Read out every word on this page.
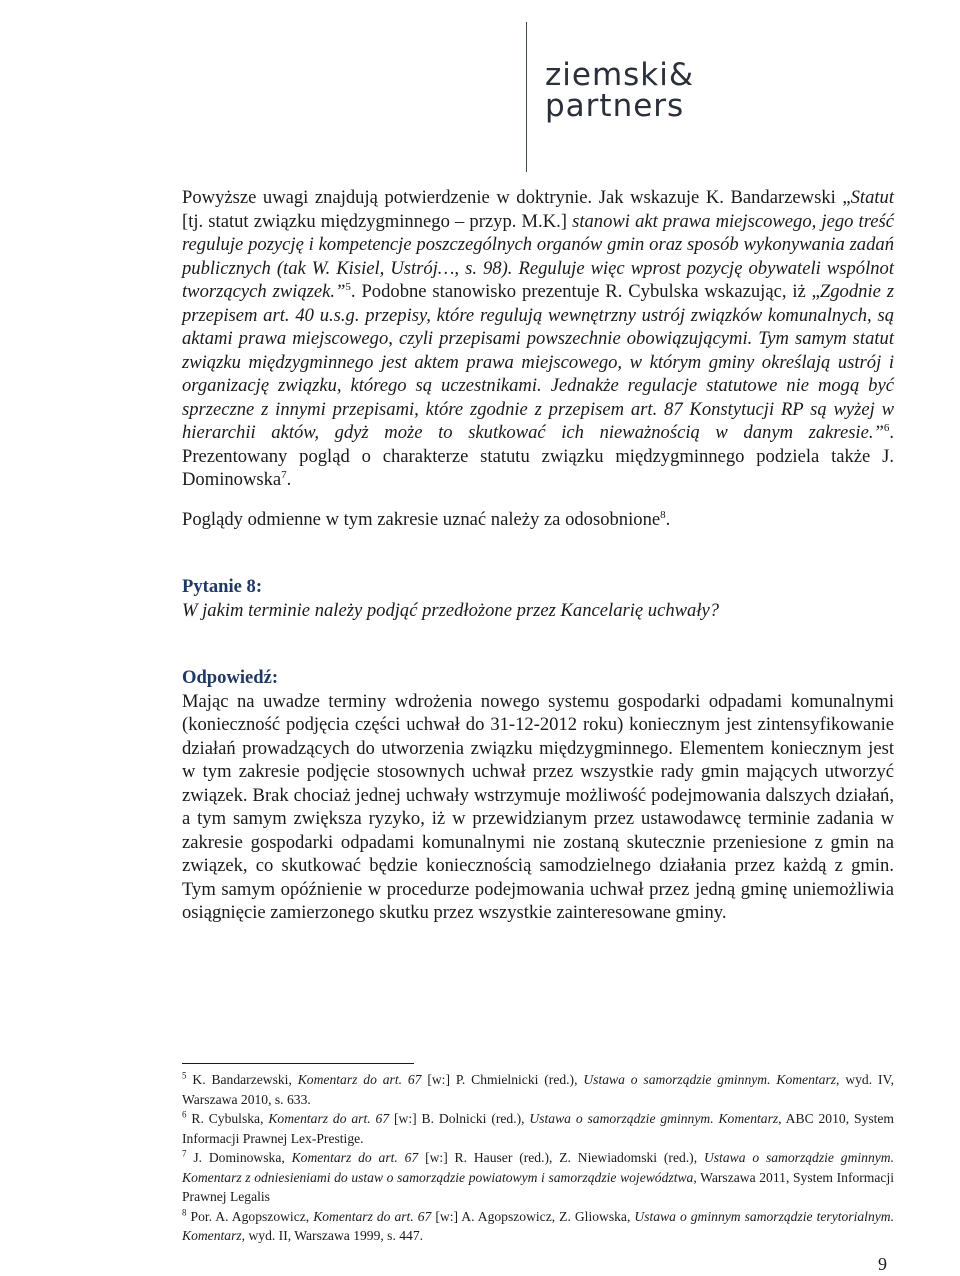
ziemski&
partners

Powyższe uwagi znajdują potwierdzenie w doktrynie. Jak wskazuje K. Bandarzewski „Statut [tj. statut związku międzygminnego – przyp. M.K.] stanowi akt prawa miejscowego, jego treść reguluje pozycję i kompetencje poszczególnych organów gmin oraz sposób wykonywania zadań publicznych (tak W. Kisiel, Ustrój…, s. 98). Reguluje więc wprost pozycję obywateli wspólnot tworzących związek.”$^5$. Podobne stanowisko prezentuje R. Cybulska wskazując, iż „Zgodnie z przepisem art. 40 u.s.g. przepisy, które regulują wewnętrzny ustrój związków komunalnych, są aktami prawa miejscowego, czyli przepisami powszechnie obowiązującymi. Tym samym statut związku międzygminnego jest aktem prawa miejscowego, w którym gminy określają ustrój i organizację związku, którego są uczestnikami. Jednakże regulacje statutowe nie mogą być sprzeczne z innymi przepisami, które zgodnie z przepisem art. 87 Konstytucji RP są wyżej w hierarchii aktów, gdyż może to skutkować ich nieważnością w danym zakresie.”$^6$. Prezentowany pogląd o charakterze statutu związku międzygminnego podziela także J. Dominowska$^7$.

Poglądy odmienne w tym zakresie uznać należy za odosobnione$^8$.

Pytanie 8:

W jakim terminie należy podjąć przedłożone przez Kancelarię uchwały?

Odpowiedź:

Mając na uwadze terminy wdrożenia nowego systemu gospodarki odpadami komunalnymi (konieczność podjęcia części uchwał do 31-12-2012 roku) koniecznym jest zintensyfikowanie działań prowadzących do utworzenia związku międzygminnego. Elementem koniecznym jest w tym zakresie podjęcie stosownych uchwał przez wszystkie rady gmin mających utworzyć związek. Brak chociaż jednej uchwały wstrzymuje możliwość podejmowania dalszych działań, a tym samym zwiększa ryzyko, iż w przewidzianym przez ustawodawcę terminie zadania w zakresie gospodarki odpadami komunalnymi nie zostaną skutecznie przeniesione z gmin na związek, co skutkować będzie koniecznością samodzielnego działania przez każdą z gmin. Tym samym opóźnienie w procedurze podejmowania uchwał przez jedną gminę uniemożliwia osiągnięcie zamierzonego skutku przez wszystkie zainteresowane gminy.

$^5$ K. Bandarzewski, Komentarz do art. 67 [w:] P. Chmielnicki (red.), Ustawa o samorządzie gminnym. Komentarz, wyd. IV, Warszawa 2010, s. 633.

$^6$ R. Cybulska, Komentarz do art. 67 [w:] B. Dolnicki (red.), Ustawa o samorządzie gminnym. Komentarz, ABC 2010, System Informacji Prawnej Lex-Prestige.

$^7$ J. Dominowska, Komentarz do art. 67 [w:] R. Hauser (red.), Z. Niewiadomski (red.), Ustawa o samorządzie gminnym. Komentarz z odniesieniami do ustaw o samorządzie powiatowym i samorządzie województwa, Warszawa 2011, System Informacji Prawnej Legalis

$^8$ Por. A. Agopszowicz, Komentarz do art. 67 [w:] A. Agopszowicz, Z. Gliowska, Ustawa o gminnym samorządzie terytorialnym. Komentarz, wyd. II, Warszawa 1999, s. 447.

9
